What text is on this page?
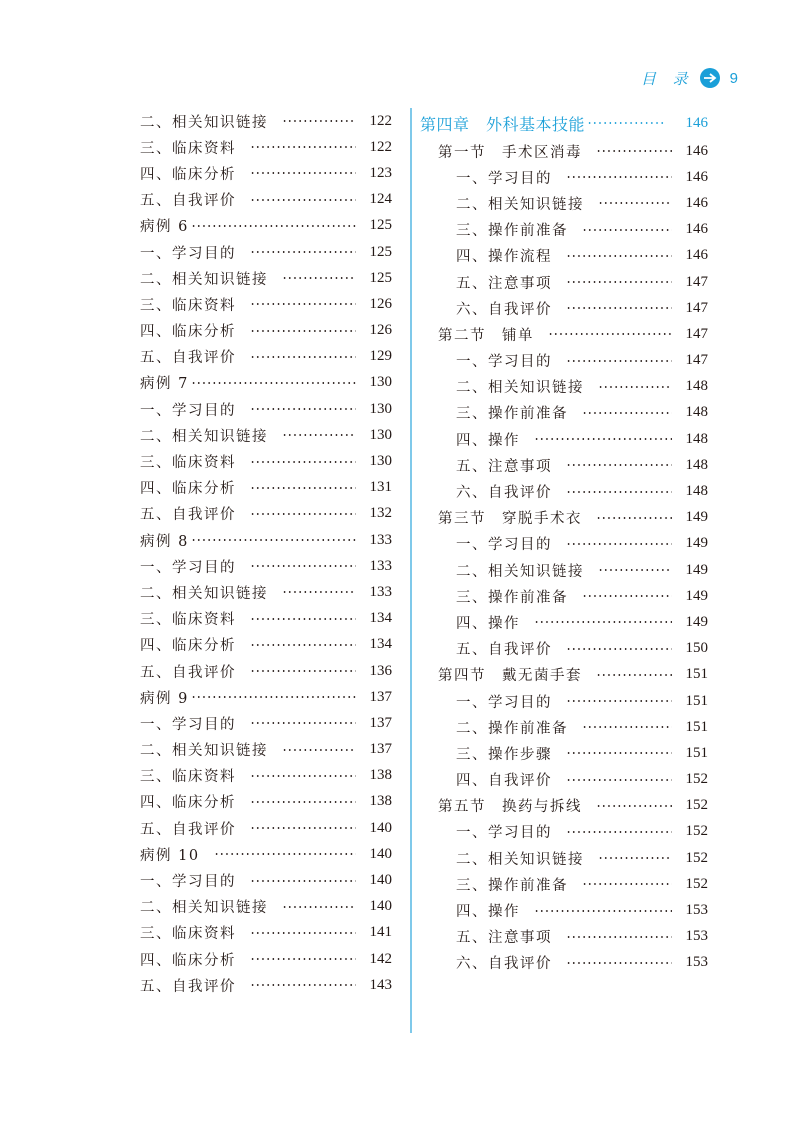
目 录 9
二、相关知识链接	122
三、临床资料	122
四、临床分析	123
五、自我评价	124
病例 6	125
一、学习目的	125
二、相关知识链接	125
三、临床资料	126
四、临床分析	126
五、自我评价	129
病例 7	130
一、学习目的	130
二、相关知识链接	130
三、临床资料	130
四、临床分析	131
五、自我评价	132
病例 8	133
一、学习目的	133
二、相关知识链接	133
三、临床资料	134
四、临床分析	134
五、自我评价	136
病例 9	137
一、学习目的	137
二、相关知识链接	137
三、临床资料	138
四、临床分析	138
五、自我评价	140
病例 10	140
一、学习目的	140
二、相关知识链接	140
三、临床资料	141
四、临床分析	142
五、自我评价	143
第四章　外科基本技能	146
第一节　手术区消毒	146
一、学习目的	146
二、相关知识链接	146
三、操作前准备	146
四、操作流程	146
五、注意事项	147
六、自我评价	147
第二节　铺单	147
一、学习目的	147
二、相关知识链接	148
三、操作前准备	148
四、操作	148
五、注意事项	148
六、自我评价	148
第三节　穿脱手术衣	149
一、学习目的	149
二、相关知识链接	149
三、操作前准备	149
四、操作	149
五、自我评价	150
第四节　戴无菌手套	151
一、学习目的	151
二、操作前准备	151
三、操作步骤	151
四、自我评价	152
第五节　换药与拆线	152
一、学习目的	152
二、相关知识链接	152
三、操作前准备	152
四、操作	153
五、注意事项	153
六、自我评价	153
